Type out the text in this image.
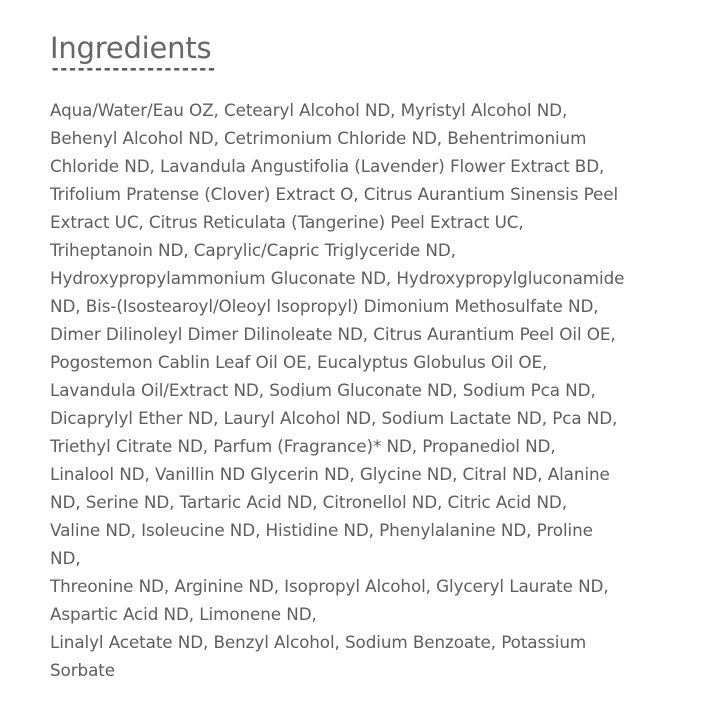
Ingredients
-------------------

Aqua/Water/Eau OZ, Cetearyl Alcohol ND, Myristyl Alcohol ND,
Behenyl Alcohol ND, Cetrimonium Chloride ND, Behentrimonium
Chloride ND, Lavandula Angustifolia (Lavender) Flower Extract BD,
Trifolium Pratense (Clover) Extract O, Citrus Aurantium Sinensis Peel
Extract UC, Citrus Reticulata (Tangerine) Peel Extract UC,
Triheptanoin ND, Caprylic/Capric Triglyceride ND,
Hydroxypropylammonium Gluconate ND, Hydroxypropylgluconamide
ND, Bis-(Isostearoyl/Oleoyl Isopropyl) Dimonium Methosulfate ND,
Dimer Dilinoleyl Dimer Dilinoleate ND, Citrus Aurantium Peel Oil OE,
Pogostemon Cablin Leaf Oil OE, Eucalyptus Globulus Oil OE,
Lavandula Oil/Extract ND, Sodium Gluconate ND, Sodium Pca ND,
Dicaprylyl Ether ND, Lauryl Alcohol ND, Sodium Lactate ND, Pca ND,
Triethyl Citrate ND, Parfum (Fragrance)* ND, Propanediol ND,
Linalool ND, Vanillin ND Glycerin ND, Glycine ND, Citral ND, Alanine
ND, Serine ND, Tartaric Acid ND, Citronellol ND, Citric Acid ND,
Valine ND, Isoleucine ND, Histidine ND, Phenylalanine ND, Proline
ND,

Threonine ND, Arginine ND, Isopropyl Alcohol, Glyceryl Laurate ND,
Aspartic Acid ND, Limonene ND,

Linalyl Acetate ND, Benzyl Alcohol, Sodium Benzoate, Potassium
Sorbate
